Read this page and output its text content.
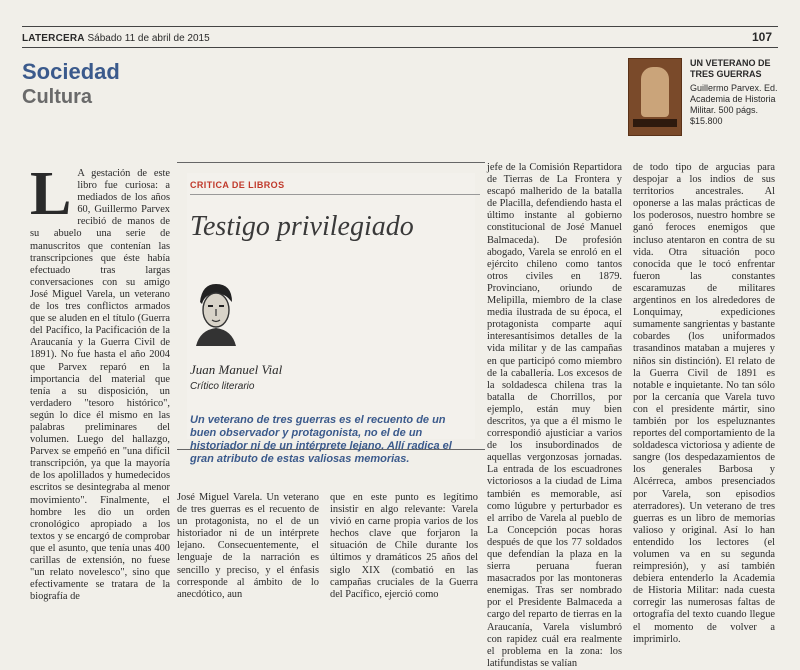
LATERCERA Sábado 11 de abril de 2015	107
Sociedad
Cultura
UN VETERANO DE TRES GUERRAS
Guillermo Parvex. Ed. Academia de Historia Militar. 500 págs.
$15.800
L A gestación de este libro fue curiosa: a mediados de los años 60, Guillermo Parvex recibió de manos de su abuelo una serie de manuscritos que contenían las transcripciones que éste había efectuado tras largas conversaciones con su amigo José Miguel Varela, un veterano de los tres conflictos armados que se aluden en el título (Guerra del Pacífico, la Pacificación de la Araucanía y la Guerra Civil de 1891). No fue hasta el año 2004 que Parvex reparó en la importancia del material que tenía a su disposición, un verdadero "tesoro histórico", según lo dice él mismo en las palabras preliminares del volumen. Luego del hallazgo, Parvex se empeñó en "una difícil transcripción, ya que la mayoría de los apolillados y humedecidos escritos se desintegraba al menor movimiento". Finalmente, el hombre les dio un orden cronológico apropiado a los textos y se encargó de comprobar que el asunto, que tenía unas 400 carillas de extensión, no fuese "un relato novelesco", sino que efectivamente se tratara de la biografía de
CRITICA DE LIBROS
Testigo privilegiado
Juan Manuel Vial
Crítico literario
Un veterano de tres guerras es el recuento de un buen observador y protagonista, no el de un historiador ni de un intérprete lejano. Allí radica el gran atributo de estas valiosas memorias.
José Miguel Varela. Un veterano de tres guerras es el recuento de un protagonista, no el de un historiador ni de un intérprete lejano. Consecuentemente, el lenguaje de la narración es sencillo y preciso, y el énfasis corresponde al ámbito de lo anecdótico, aun
que en este punto es legítimo insistir en algo relevante: Varela vivió en carne propia varios de los hechos clave que forjaron la situación de Chile durante los últimos y dramáticos 25 años del siglo XIX (combatió en las campañas cruciales de la Guerra del Pacífico, ejerció como
jefe de la Comisión Repartidora de Tierras de La Frontera y escapó malherido de la batalla de Placilla, defendiendo hasta el último instante al gobierno constitucional de José Manuel Balmaceda). De profesión abogado, Varela se enroló en el ejército chileno como tantos otros civiles en 1879. Provinciano, oriundo de Melipilla, miembro de la clase media ilustrada de su época, el protagonista comparte aquí interesantísimos detalles de la vida militar y de las campañas en que participó como miembro de la caballería. Los excesos de la soldadesca chilena tras la batalla de Chorrillos, por ejemplo, están muy bien descritos, ya que a él mismo le correspondió ajusticiar a varios de los insubordinados de aquellas vergonzosas jornadas. La entrada de los escuadrones victoriosos a la ciudad de Lima también es memorable, así como lúgubre y perturbador es el arribo de Varela al pueblo de La Concepción pocas horas después de que los 77 soldados que defendían la plaza en la sierra peruana fueran masacrados por las montoneras enemigas. Tras ser nombrado por el Presidente Balmaceda a cargo del reparto de tierras en la Araucanía, Varela vislumbró con rapidez cuál era realmente el problema en la zona: los latifundistas se valían
de todo tipo de argucias para despojar a los indios de sus territorios ancestrales. Al oponerse a las malas prácticas de los poderosos, nuestro hombre se ganó feroces enemigos que incluso atentaron en contra de su vida. Otra situación poco conocida que le tocó enfrentar fueron las constantes escaramuzas de militares argentinos en los alrededores de Lonquimay, expediciones sumamente sangrientas y bastante cobardes (los uniformados trasandinos mataban a mujeres y niños sin distinción). El relato de la Guerra Civil de 1891 es notable e inquietante. No tan sólo por la cercanía que Varela tuvo con el presidente mártir, sino también por los espeluznantes reportes del comportamiento de la soldadesca victoriosa y adiente de sangre (los despedazamientos de los generales Barbosa y Alcérreca, ambos presenciados por Varela, son episodios aterradores). Un veterano de tres guerras es un libro de memorias valioso y original. Así lo han entendido los lectores (el volumen va en su segunda reimpresión), y así también debiera entenderlo la Academia de Historia Militar: nada cuesta corregir las numerosas faltas de ortografía del texto cuando llegue el momento de volver a imprimirlo.
